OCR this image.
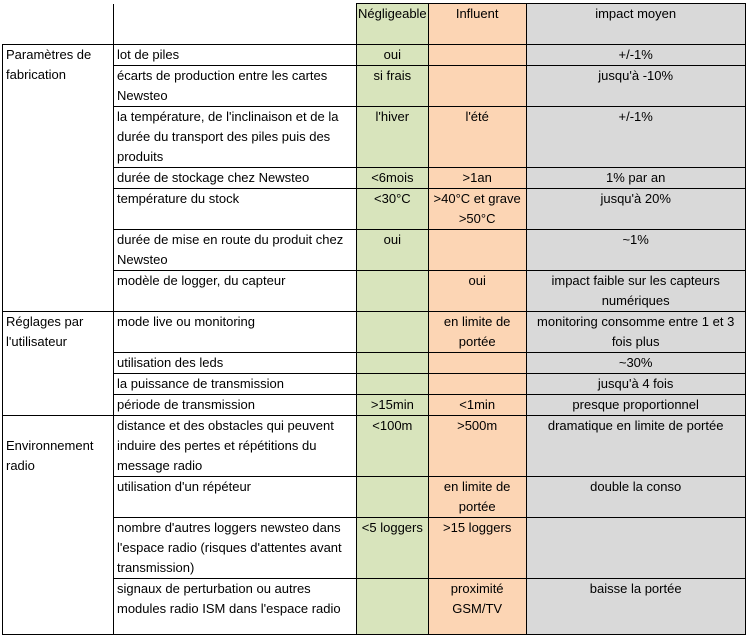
		Négligeable	Influent	impact moyen
Paramètres de fabrication	lot de piles	oui		+/-1%
	écarts de production entre les cartes Newsteo	si frais		jusqu'à -10%
	la température, de l'inclinaison et de la durée du transport des piles puis des produits	l'hiver	l'été	+/-1%
	durée de stockage chez Newsteo	<6mois	>1an	1% par an
	température du stock	<30°C	>40°C et grave >50°C	jusqu'à 20%
	durée de mise en route du produit chez Newsteo	oui		~1%
	modèle de logger, du capteur		oui	impact faible sur les capteurs numériques
Réglages par l'utilisateur	mode live ou monitoring		en limite de portée	monitoring consomme entre 1 et 3 fois plus
	utilisation des leds			~30%
	la puissance de transmission			jusqu'à 4 fois
	période de transmission	>15min	<1min	presque proportionnel
Environnement radio	distance et des obstacles qui peuvent induire des pertes et répétitions du message radio	<100m	>500m	dramatique en limite de portée
	utilisation d'un répéteur		en limite de portée	double la conso
	nombre d'autres loggers newsteo dans l'espace radio (risques d'attentes avant transmission)	<5 loggers	>15 loggers	
	signaux de perturbation ou autres modules radio ISM dans l'espace radio		proximité GSM/TV	baisse la portée
